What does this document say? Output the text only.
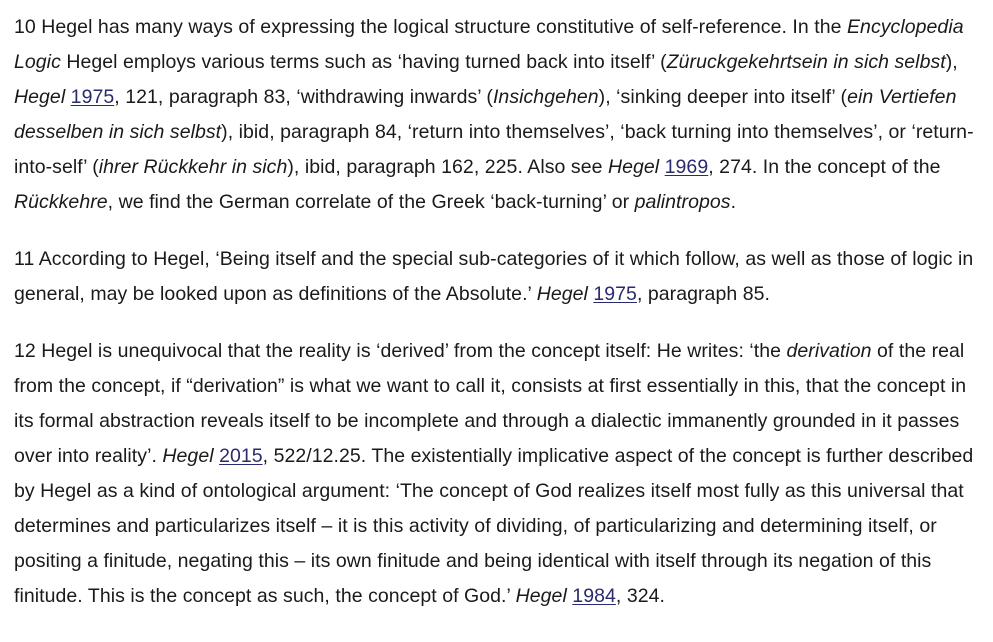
10 Hegel has many ways of expressing the logical structure constitutive of self-reference. In the Encyclopedia Logic Hegel employs various terms such as ‘having turned back into itself’ (Züruckgekehrtsein in sich selbst), Hegel 1975, 121, paragraph 83, ‘withdrawing inwards’ (Insichgehen), ‘sinking deeper into itself’ (ein Vertiefen desselben in sich selbst), ibid, paragraph 84, ‘return into themselves’, ‘back turning into themselves’, or ‘return-into-self’ (ihrer Rückkehr in sich), ibid, paragraph 162, 225. Also see Hegel 1969, 274. In the concept of the Rückkehre, we find the German correlate of the Greek ‘back-turning’ or palintropos.

11 According to Hegel, ‘Being itself and the special sub-categories of it which follow, as well as those of logic in general, may be looked upon as definitions of the Absolute.’ Hegel 1975, paragraph 85.

12 Hegel is unequivocal that the reality is ‘derived’ from the concept itself: He writes: ‘the derivation of the real from the concept, if “derivation” is what we want to call it, consists at first essentially in this, that the concept in its formal abstraction reveals itself to be incomplete and through a dialectic immanently grounded in it passes over into reality’. Hegel 2015, 522/12.25. The existentially implicative aspect of the concept is further described by Hegel as a kind of ontological argument: ‘The concept of God realizes itself most fully as this universal that determines and particularizes itself – it is this activity of dividing, of particularizing and determining itself, or positing a finitude, negating this – its own finitude and being identical with itself through its negation of this finitude. This is the concept as such, the concept of God.’ Hegel 1984, 324.
